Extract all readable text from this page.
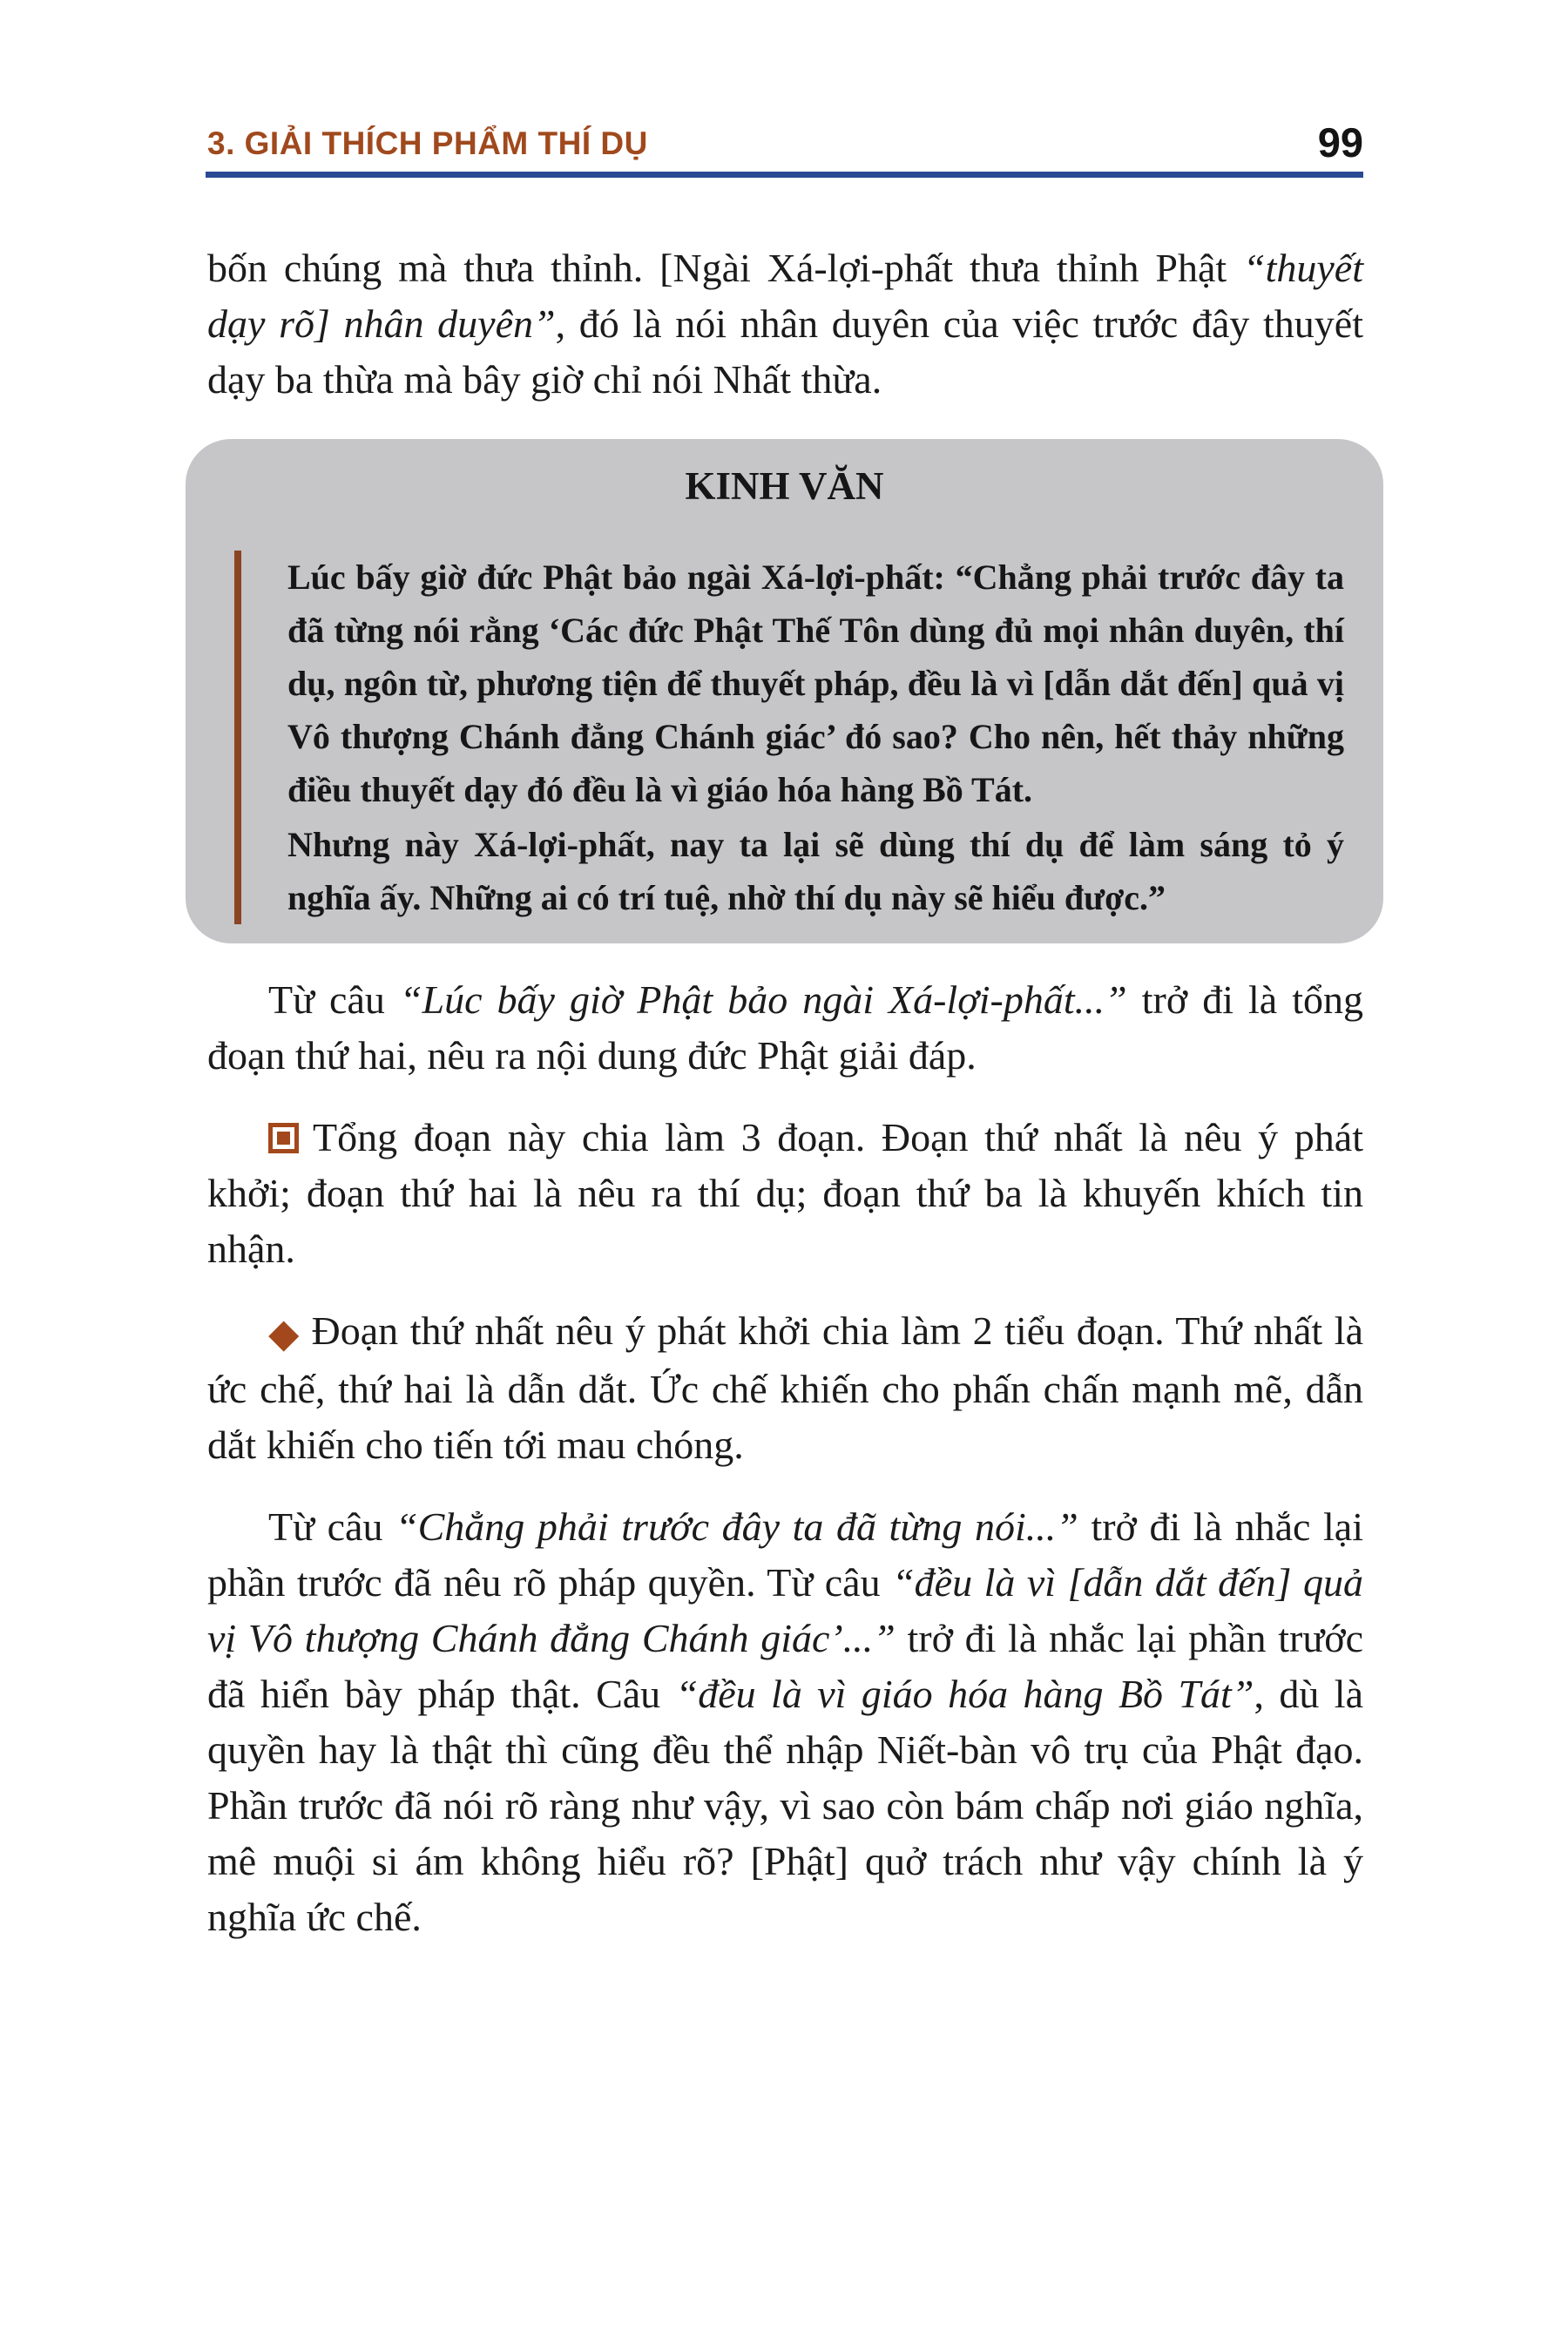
3. GIẢI THÍCH PHẨM THÍ DỤ	99

bốn chúng mà thưa thỉnh. [Ngài Xá-lợi-phất thưa thỉnh Phật “thuyết dạy rõ] nhân duyên”, đó là nói nhân duyên của việc trước đây thuyết dạy ba thừa mà bây giờ chỉ nói Nhất thừa.

KINH VĂN

Lúc bấy giờ đức Phật bảo ngài Xá-lợi-phất: “Chẳng phải trước đây ta đã từng nói rằng ‘Các đức Phật Thế Tôn dùng đủ mọi nhân duyên, thí dụ, ngôn từ, phương tiện để thuyết pháp, đều là vì [dẫn dắt đến] quả vị Vô thượng Chánh đẳng Chánh giác’ đó sao? Cho nên, hết thảy những điều thuyết dạy đó đều là vì giáo hóa hàng Bồ Tát.

Nhưng này Xá-lợi-phất, nay ta lại sẽ dùng thí dụ để làm sáng tỏ ý nghĩa ấy. Những ai có trí tuệ, nhờ thí dụ này sẽ hiểu được.”

Từ câu “Lúc bấy giờ Phật bảo ngài Xá-lợi-phất...” trở đi là tổng đoạn thứ hai, nêu ra nội dung đức Phật giải đáp.

Tổng đoạn này chia làm 3 đoạn. Đoạn thứ nhất là nêu ý phát khởi; đoạn thứ hai là nêu ra thí dụ; đoạn thứ ba là khuyến khích tin nhận.

◆ Đoạn thứ nhất nêu ý phát khởi chia làm 2 tiểu đoạn. Thứ nhất là ức chế, thứ hai là dẫn dắt. Ức chế khiến cho phấn chấn mạnh mẽ, dẫn dắt khiến cho tiến tới mau chóng.

Từ câu “Chẳng phải trước đây ta đã từng nói...” trở đi là nhắc lại phần trước đã nêu rõ pháp quyền. Từ câu “đều là vì [dẫn dắt đến] quả vị Vô thượng Chánh đẳng Chánh giác’...” trở đi là nhắc lại phần trước đã hiển bày pháp thật. Câu “đều là vì giáo hóa hàng Bồ Tát”, dù là quyền hay là thật thì cũng đều thể nhập Niết-bàn vô trụ của Phật đạo. Phần trước đã nói rõ ràng như vậy, vì sao còn bám chấp nơi giáo nghĩa, mê muội si ám không hiểu rõ? [Phật] quở trách như vậy chính là ý nghĩa ức chế.
